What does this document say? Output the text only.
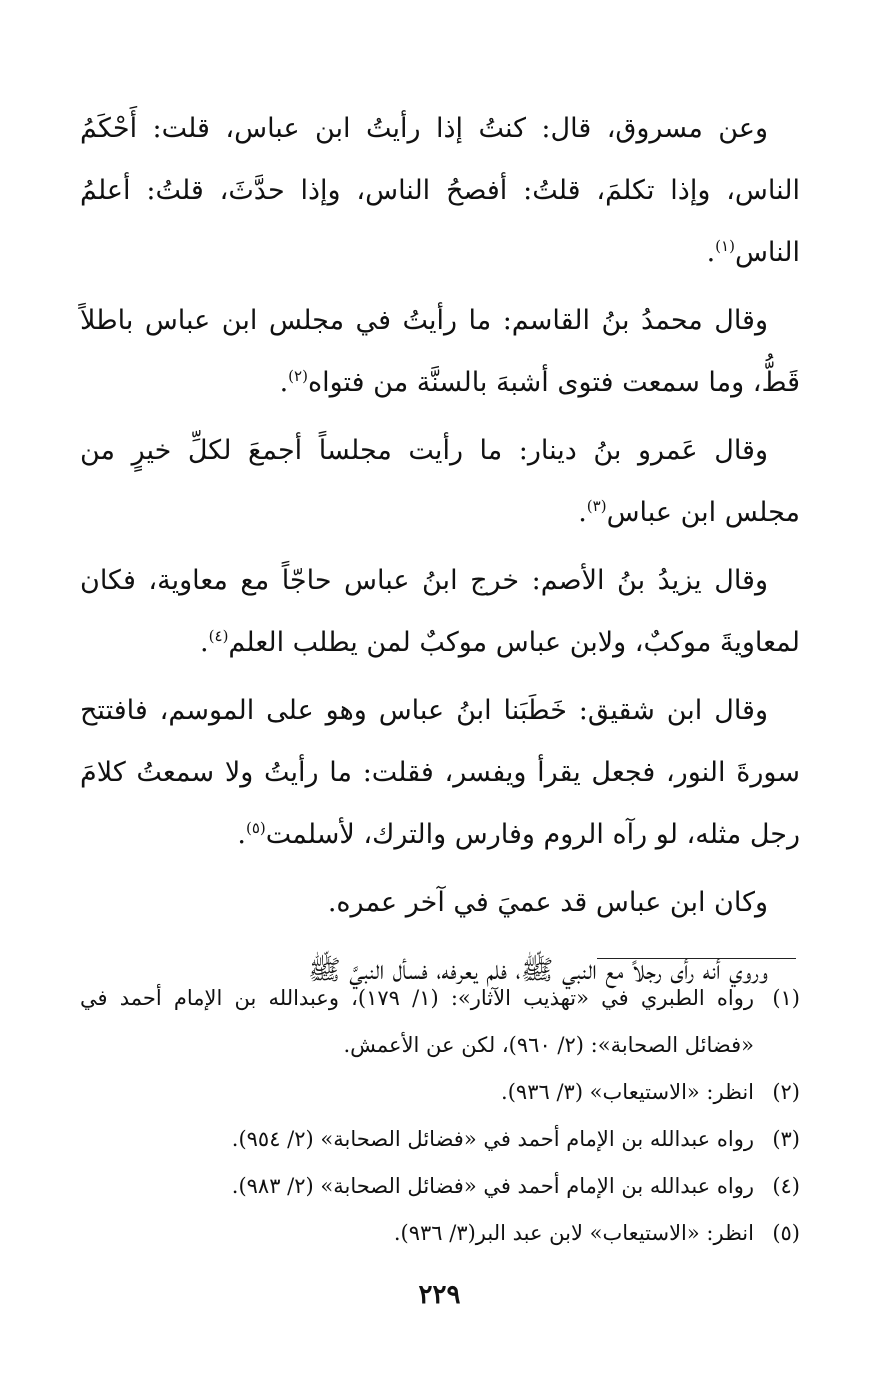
وعن مسروق، قال: كنتُ إذا رأيتُ ابن عباس، قلت: أَحْكَمُ الناس، وإذا تكلمَ، قلتُ: أفصحُ الناس، وإذا حدَّثَ، قلتُ: أعلمُ الناس$^{(١)}$.

وقال محمدُ بنُ القاسم: ما رأيتُ في مجلس ابن عباس باطلاً قَطُّ، وما سمعت فتوى أشبهَ بالسنَّة من فتواه$^{(٢)}$.

وقال عَمرو بنُ دينار: ما رأيت مجلساً أجمعَ لكلِّ خيرٍ من مجلس ابن عباس$^{(٣)}$.

وقال يزيدُ بنُ الأصم: خرج ابنُ عباس حاجّاً مع معاوية، فكان لمعاويةَ موكبٌ، ولابن عباس موكبٌ لمن يطلب العلم$^{(٤)}$.

وقال ابن شقيق: خَطَبَنا ابنُ عباس وهو على الموسم، فافتتح سورةَ النور، فجعل يقرأ ويفسر، فقلت: ما رأيتُ ولا سمعتُ كلامَ رجل مثله، لو رآه الروم وفارس والترك، لأسلمت$^{(٥)}$.

وكان ابن عباس قد عميَ في آخر عمره.

وروي أنه رأى رجلاً مع النبي ﷺ، فلم يعرفه، فسأل النبيَّ ﷺ

(١)
رواه الطبري في «تهذيب الآثار»: (١/ ١٧٩)، وعبدالله بن الإمام أحمد في «فضائل الصحابة»: (٢/ ٩٦٠)، لكن عن الأعمش.
(٢)
انظر: «الاستيعاب» (٣/ ٩٣٦).
(٣)
رواه عبدالله بن الإمام أحمد في «فضائل الصحابة» (٢/ ٩٥٤).
(٤)
رواه عبدالله بن الإمام أحمد في «فضائل الصحابة» (٢/ ٩٨٣).
(٥)
انظر: «الاستيعاب» لابن عبد البر(٣/ ٩٣٦).
٢٢٩
